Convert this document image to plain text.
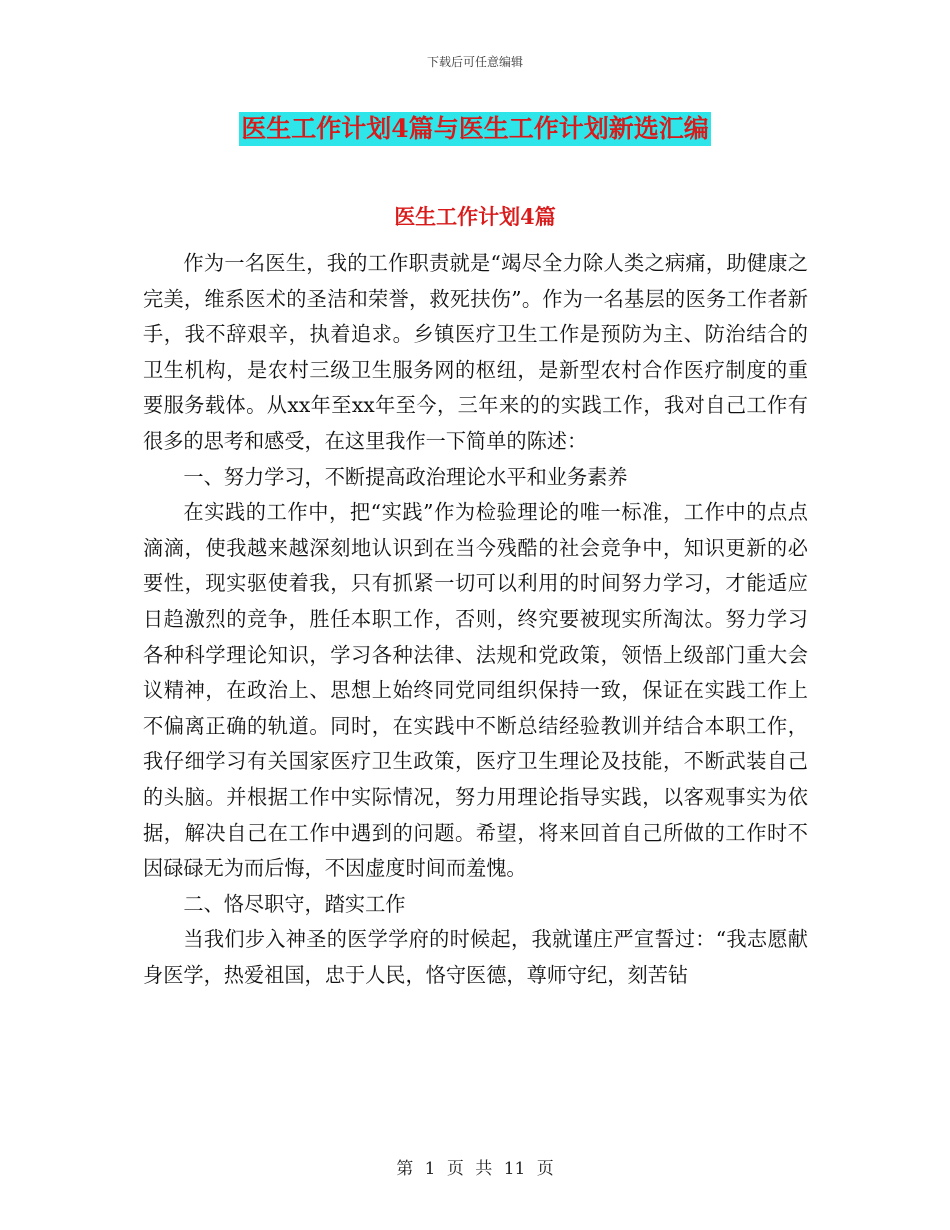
下载后可任意编辑
医生工作计划4篇与医生工作计划新选汇编
医生工作计划4篇

作为一名医生，我的工作职责就是“竭尽全力除人类之病痛，助健康之完美，维系医术的圣洁和荣誉，救死扶伤”。作为一名基层的医务工作者新手，我不辞艰辛，执着追求。乡镇医疗卫生工作是预防为主、防治结合的卫生机构，是农村三级卫生服务网的枢纽，是新型农村合作医疗制度的重要服务载体。从xx年至xx年至今，三年来的的实践工作，我对自己工作有很多的思考和感受，在这里我作一下简单的陈述：

一、努力学习，不断提高政治理论水平和业务素养

在实践的工作中，把“实践”作为检验理论的唯一标准，工作中的点点滴滴，使我越来越深刻地认识到在当今残酷的社会竞争中，知识更新的必要性，现实驱使着我，只有抓紧一切可以利用的时间努力学习，才能适应日趋激烈的竞争，胜任本职工作，否则，终究要被现实所淘汰。努力学习各种科学理论知识，学习各种法律、法规和党政策，领悟上级部门重大会议精神，在政治上、思想上始终同党同组织保持一致，保证在实践工作上不偏离正确的轨道。同时，在实践中不断总结经验教训并结合本职工作，我仔细学习有关国家医疗卫生政策，医疗卫生理论及技能，不断武装自己的头脑。并根据工作中实际情况，努力用理论指导实践，以客观事实为依据，解决自己在工作中遇到的问题。希望，将来回首自己所做的工作时不因碌碌无为而后悔，不因虚度时间而羞愧。

二、恪尽职守，踏实工作

当我们步入神圣的医学学府的时候起，我就谨庄严宣誓过：“我志愿献身医学，热爱祖国，忠于人民，恪守医德，尊师守纪，刻苦钻

第 1 页 共 11 页
